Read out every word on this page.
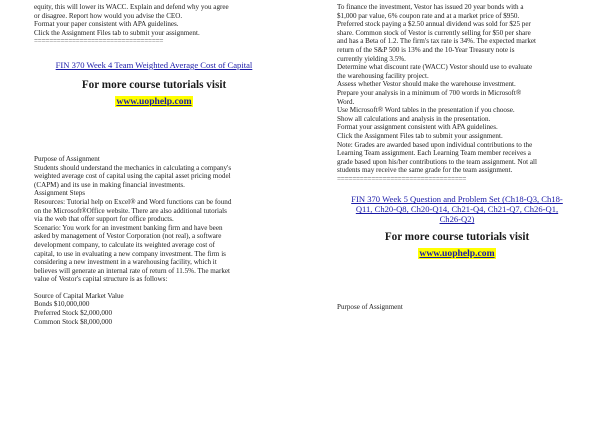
equity, this will lower its WACC. Explain and defend why you agree
or disagree. Report how would you advise the CEO.
Format your paper consistent with APA guidelines.
Click the Assignment Files tab to submit your assignment.
==================================
FIN 370 Week 4 Team Weighted Average Cost of Capital
For more course tutorials visit
www.uophelp.com
Purpose of Assignment
Students should understand the mechanics in calculating a company's
weighted average cost of capital using the capital asset pricing model
(CAPM) and its use in making financial investments.
Assignment Steps
Resources: Tutorial help on Excel® and Word functions can be found
on the Microsoft®Office website. There are also additional tutorials
via the web that offer support for office products.
Scenario: You work for an investment banking firm and have been
asked by management of Vestor Corporation (not real), a software
development company, to calculate its weighted average cost of
capital, to use in evaluating a new company investment. The firm is
considering a new investment in a warehousing facility, which it
believes will generate an internal rate of return of 11.5%. The market
value of Vestor's capital structure is as follows:
Source of Capital Market Value
Bonds $10,000,000
Preferred Stock $2,000,000
Common Stock $8,000,000
To finance the investment, Vestor has issued 20 year bonds with a
$1,000 par value, 6% coupon rate and at a market price of $950.
Preferred stock paying a $2.50 annual dividend was sold for $25 per
share. Common stock of Vestor is currently selling for $50 per share
and has a Beta of 1.2. The firm's tax rate is 34%. The expected market
return of the S&P 500 is 13% and the 10-Year Treasury note is
currently yielding 3.5%.
Determine what discount rate (WACC) Vestor should use to evaluate
the warehousing facility project.
Assess whether Vestor should make the warehouse investment.
Prepare your analysis in a minimum of 700 words in Microsoft®
Word.
Use Microsoft® Word tables in the presentation if you choose.
Show all calculations and analysis in the presentation.
Format your assignment consistent with APA guidelines.
Click the Assignment Files tab to submit your assignment.
Note: Grades are awarded based upon individual contributions to the
Learning Team assignment. Each Learning Team member receives a
grade based upon his/her contributions to the team assignment. Not all
students may receive the same grade for the team assignment.
==================================
FIN 370 Week 5 Question and Problem Set (Ch18-Q3, Ch18-
Q11, Ch20-Q8, Ch20-Q14, Ch21-Q4, Ch21-Q7, Ch26-Q1,
Ch26-Q2)
For more course tutorials visit
www.uophelp.com
Purpose of Assignment
